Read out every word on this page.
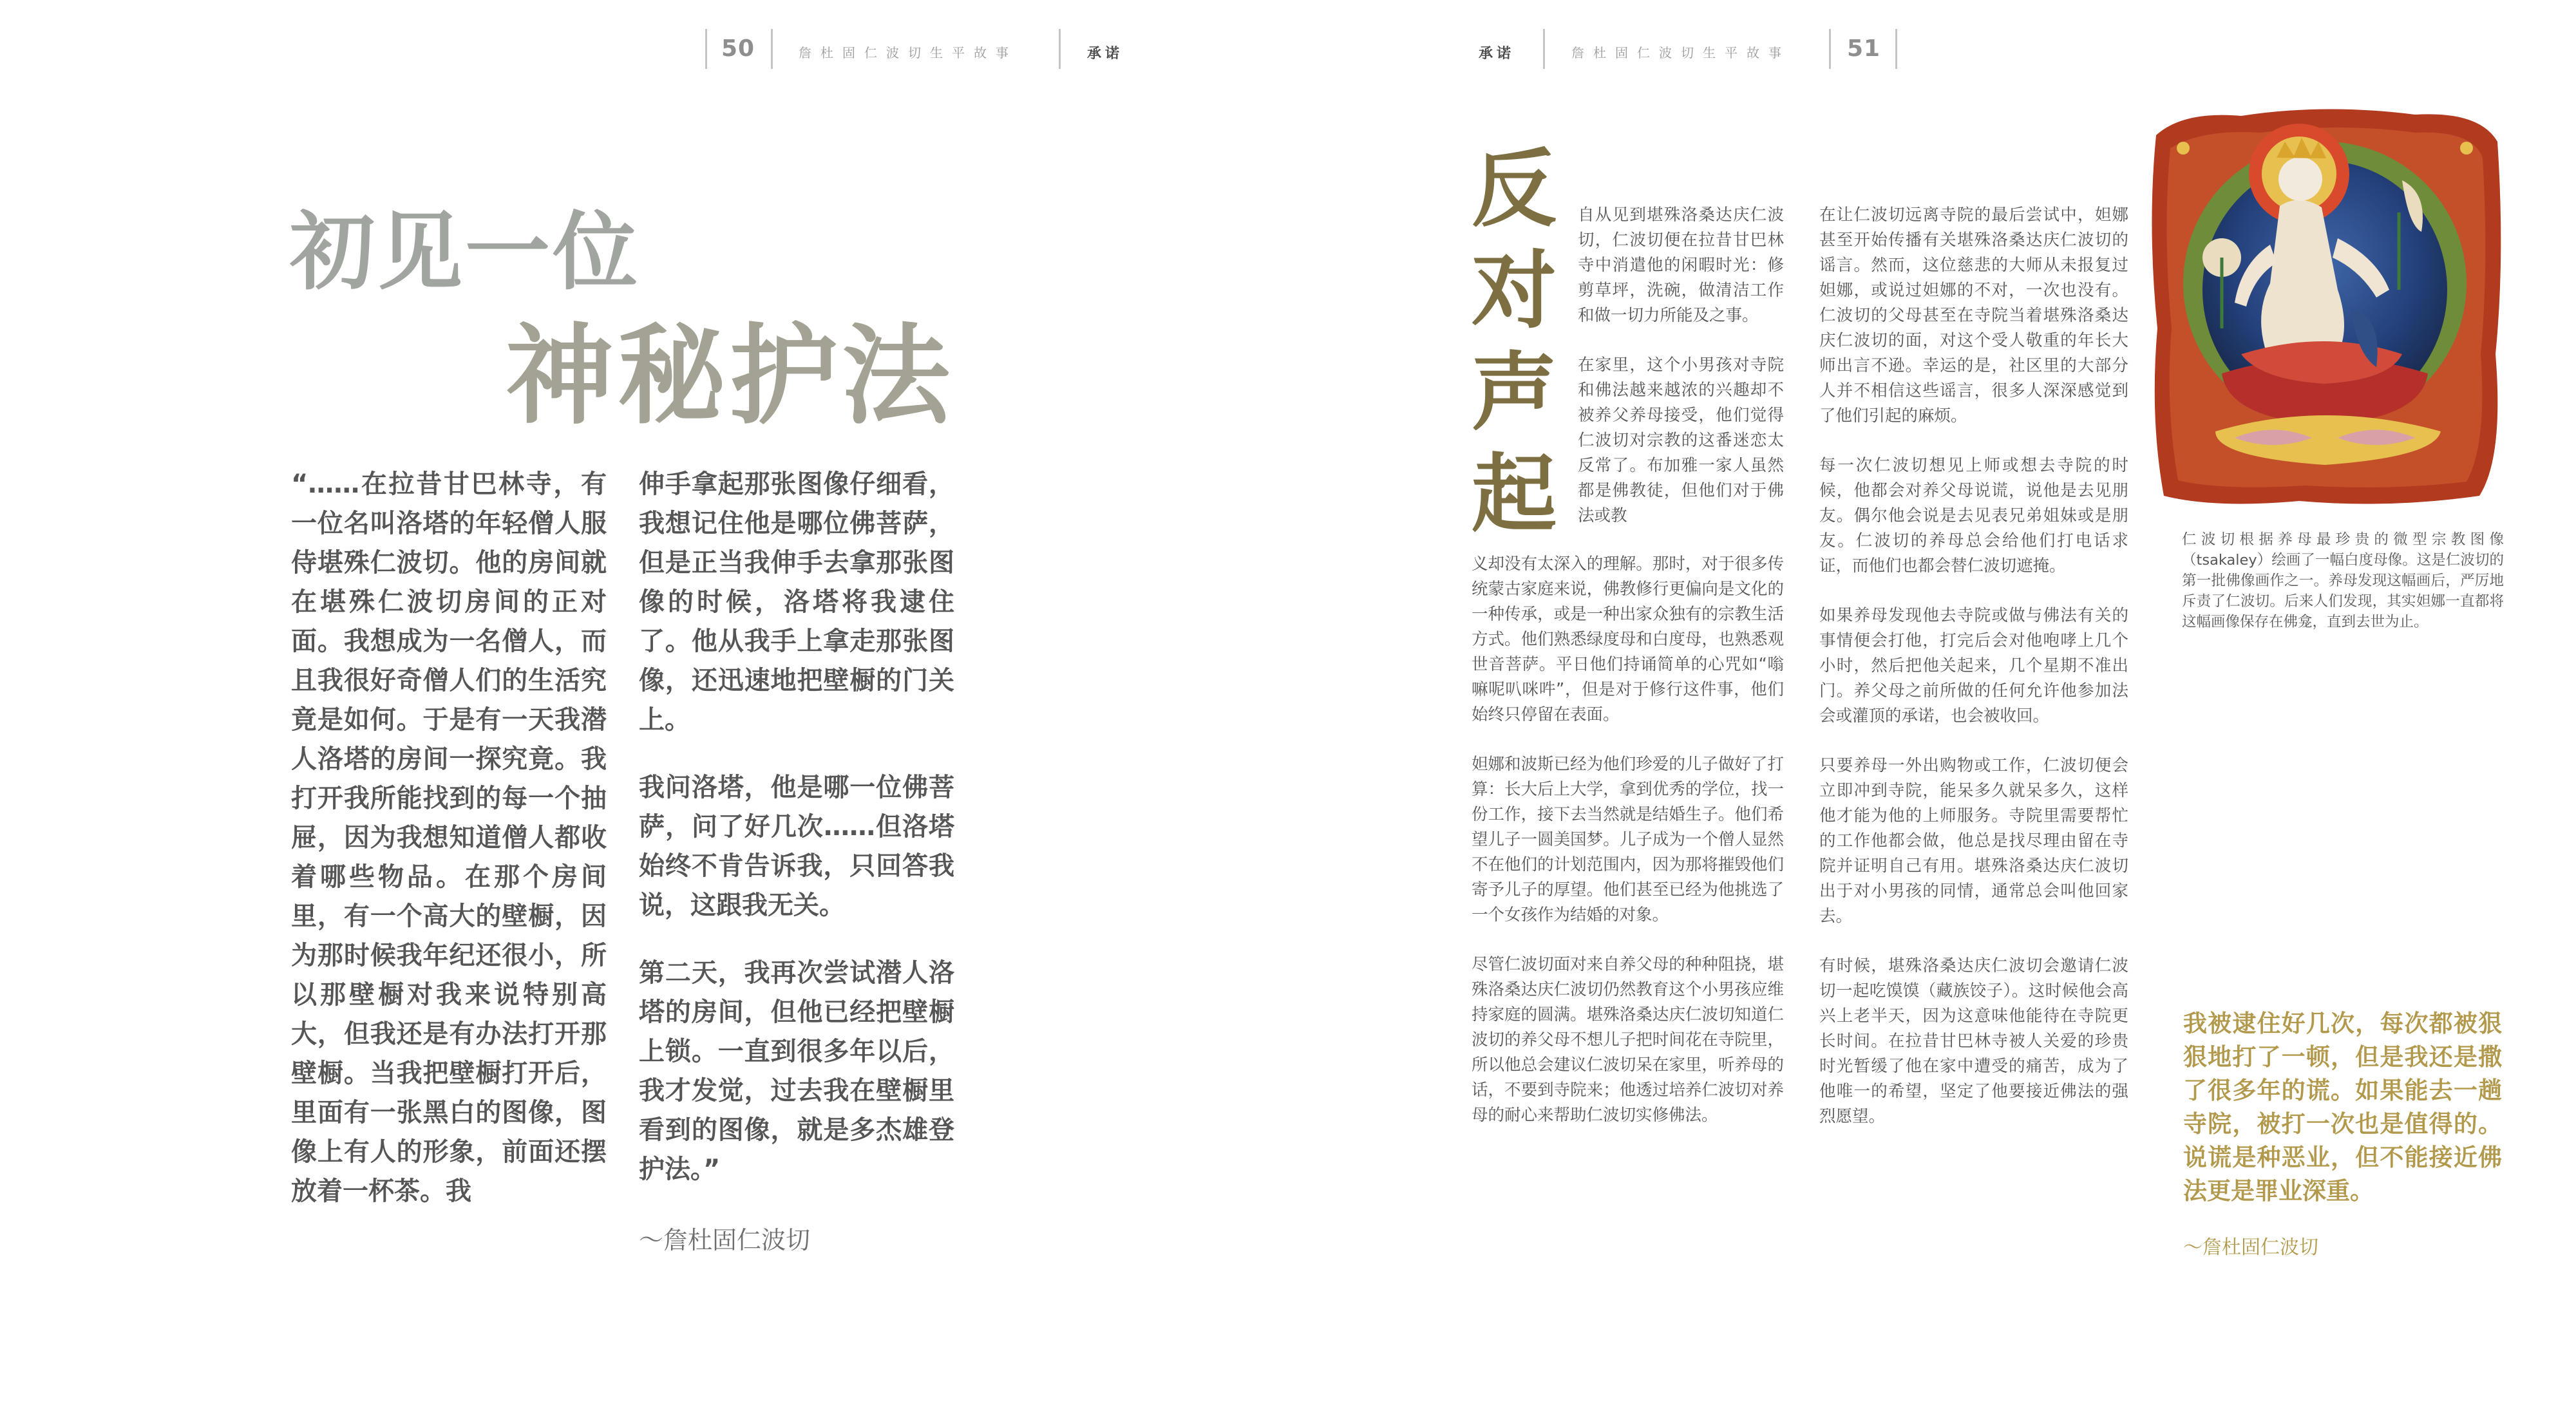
50	詹杜固仁波切生平故事	承诺
初见一位
神秘护法

“……在拉昔甘巴林寺，有一位名叫洛塔的年轻僧人服侍堪殊仁波切。他的房间就在堪殊仁波切房间的正对面。我想成为一名僧人，而且我很好奇僧人们的生活究竟是如何。于是有一天我潜人洛塔的房间一探究竟。我打开我所能找到的每一个抽屉，因为我想知道僧人都收着哪些物品。在那个房间里，有一个高大的壁橱，因为那时候我年纪还很小，所以那壁橱对我来说特别高大，但我还是有办法打开那壁橱。当我把壁橱打开后，里面有一张黑白的图像，图像上有人的形象，前面还摆放着一杯茶。我

伸手拿起那张图像仔细看，我想记住他是哪位佛菩萨，但是正当我伸手去拿那张图像的时候，洛塔将我逮住了。他从我手上拿走那张图像，还迅速地把壁橱的门关上。

我问洛塔，他是哪一位佛菩萨，问了好几次……但洛塔始终不肯告诉我，只回答我说，这跟我无关。

第二天，我再次尝试潜人洛塔的房间，但他已经把壁橱上锁。一直到很多年以后，我才发觉，过去我在壁橱里看到的图像，就是多杰雄登护法。”

～詹杜固仁波切
承诺	詹杜固仁波切生平故事 51
反
对
声
起

自从见到堪殊洛桑达庆仁波切，仁波切便在拉昔甘巴林寺中消遣他的闲暇时光：修剪草坪，洗碗，做清洁工作和做一切力所能及之事。

在家里，这个小男孩对寺院和佛法越来越浓的兴趣却不被养父养母接受，他们觉得仁波切对宗教的这番迷恋太反常了。布加雅一家人虽然都是佛教徒，但他们对于佛法或教

义却没有太深入的理解。那时，对于很多传统蒙古家庭来说，佛教修行更偏向是文化的一种传承，或是一种出家众独有的宗教生活方式。他们熟悉绿度母和白度母，也熟悉观世音菩萨。平日他们持诵简单的心咒如“嗡嘛呢叭咪吽”，但是对于修行这件事，他们始终只停留在表面。

妲娜和波斯已经为他们珍爱的儿子做好了打算：长大后上大学，拿到优秀的学位，找一份工作，接下去当然就是结婚生子。他们希望儿子一圆美国梦。儿子成为一个僧人显然不在他们的计划范围内，因为那将摧毁他们寄予儿子的厚望。他们甚至已经为他挑选了一个女孩作为结婚的对象。

尽管仁波切面对来自养父母的种种阻挠，堪殊洛桑达庆仁波切仍然教育这个小男孩应维持家庭的圆满。堪殊洛桑达庆仁波切知道仁波切的养父母不想儿子把时间花在寺院里，所以他总会建议仁波切呆在家里，听养母的话，不要到寺院来；他透过培养仁波切对养母的耐心来帮助仁波切实修佛法。

在让仁波切远离寺院的最后尝试中，妲娜甚至开始传播有关堪殊洛桑达庆仁波切的谣言。然而，这位慈悲的大师从未报复过妲娜，或说过妲娜的不对，一次也没有。仁波切的父母甚至在寺院当着堪殊洛桑达庆仁波切的面，对这个受人敬重的年长大师出言不逊。幸运的是，社区里的大部分人并不相信这些谣言，很多人深深感觉到了他们引起的麻烦。

每一次仁波切想见上师或想去寺院的时候，他都会对养父母说谎，说他是去见朋友。偶尔他会说是去见表兄弟姐妹或是朋友。仁波切的养母总会给他们打电话求证，而他们也都会替仁波切遮掩。

如果养母发现他去寺院或做与佛法有关的事情便会打他，打完后会对他咆哮上几个小时，然后把他关起来，几个星期不准出门。养父母之前所做的任何允许他参加法会或灌顶的承诺，也会被收回。

只要养母一外出购物或工作，仁波切便会立即冲到寺院，能呆多久就呆多久，这样他才能为他的上师服务。寺院里需要帮忙的工作他都会做，他总是找尽理由留在寺院并证明自己有用。堪殊洛桑达庆仁波切出于对小男孩的同情，通常总会叫他回家去。

有时候，堪殊洛桑达庆仁波切会邀请仁波切一起吃馍馍（藏族饺子）。这时候他会高兴上老半天，因为这意味他能待在寺院更长时间。在拉昔甘巴林寺被人关爱的珍贵时光暂缓了他在家中遭受的痛苦，成为了他唯一的希望，坚定了他要接近佛法的强烈愿望。

仁波切根据养母最珍贵的微型宗教图像（tsakaley）绘画了一幅白度母像。这是仁波切的第一批佛像画作之一。养母发现这幅画后，严厉地斥责了仁波切。后来人们发现，其实妲娜一直都将这幅画像保存在佛龛，直到去世为止。
我被逮住好几次，每次都被狠狠地打了一顿，但是我还是撒了很多年的谎。如果能去一趟寺院，被打一次也是值得的。说谎是种恶业，但不能接近佛法更是罪业深重。
～詹杜固仁波切
